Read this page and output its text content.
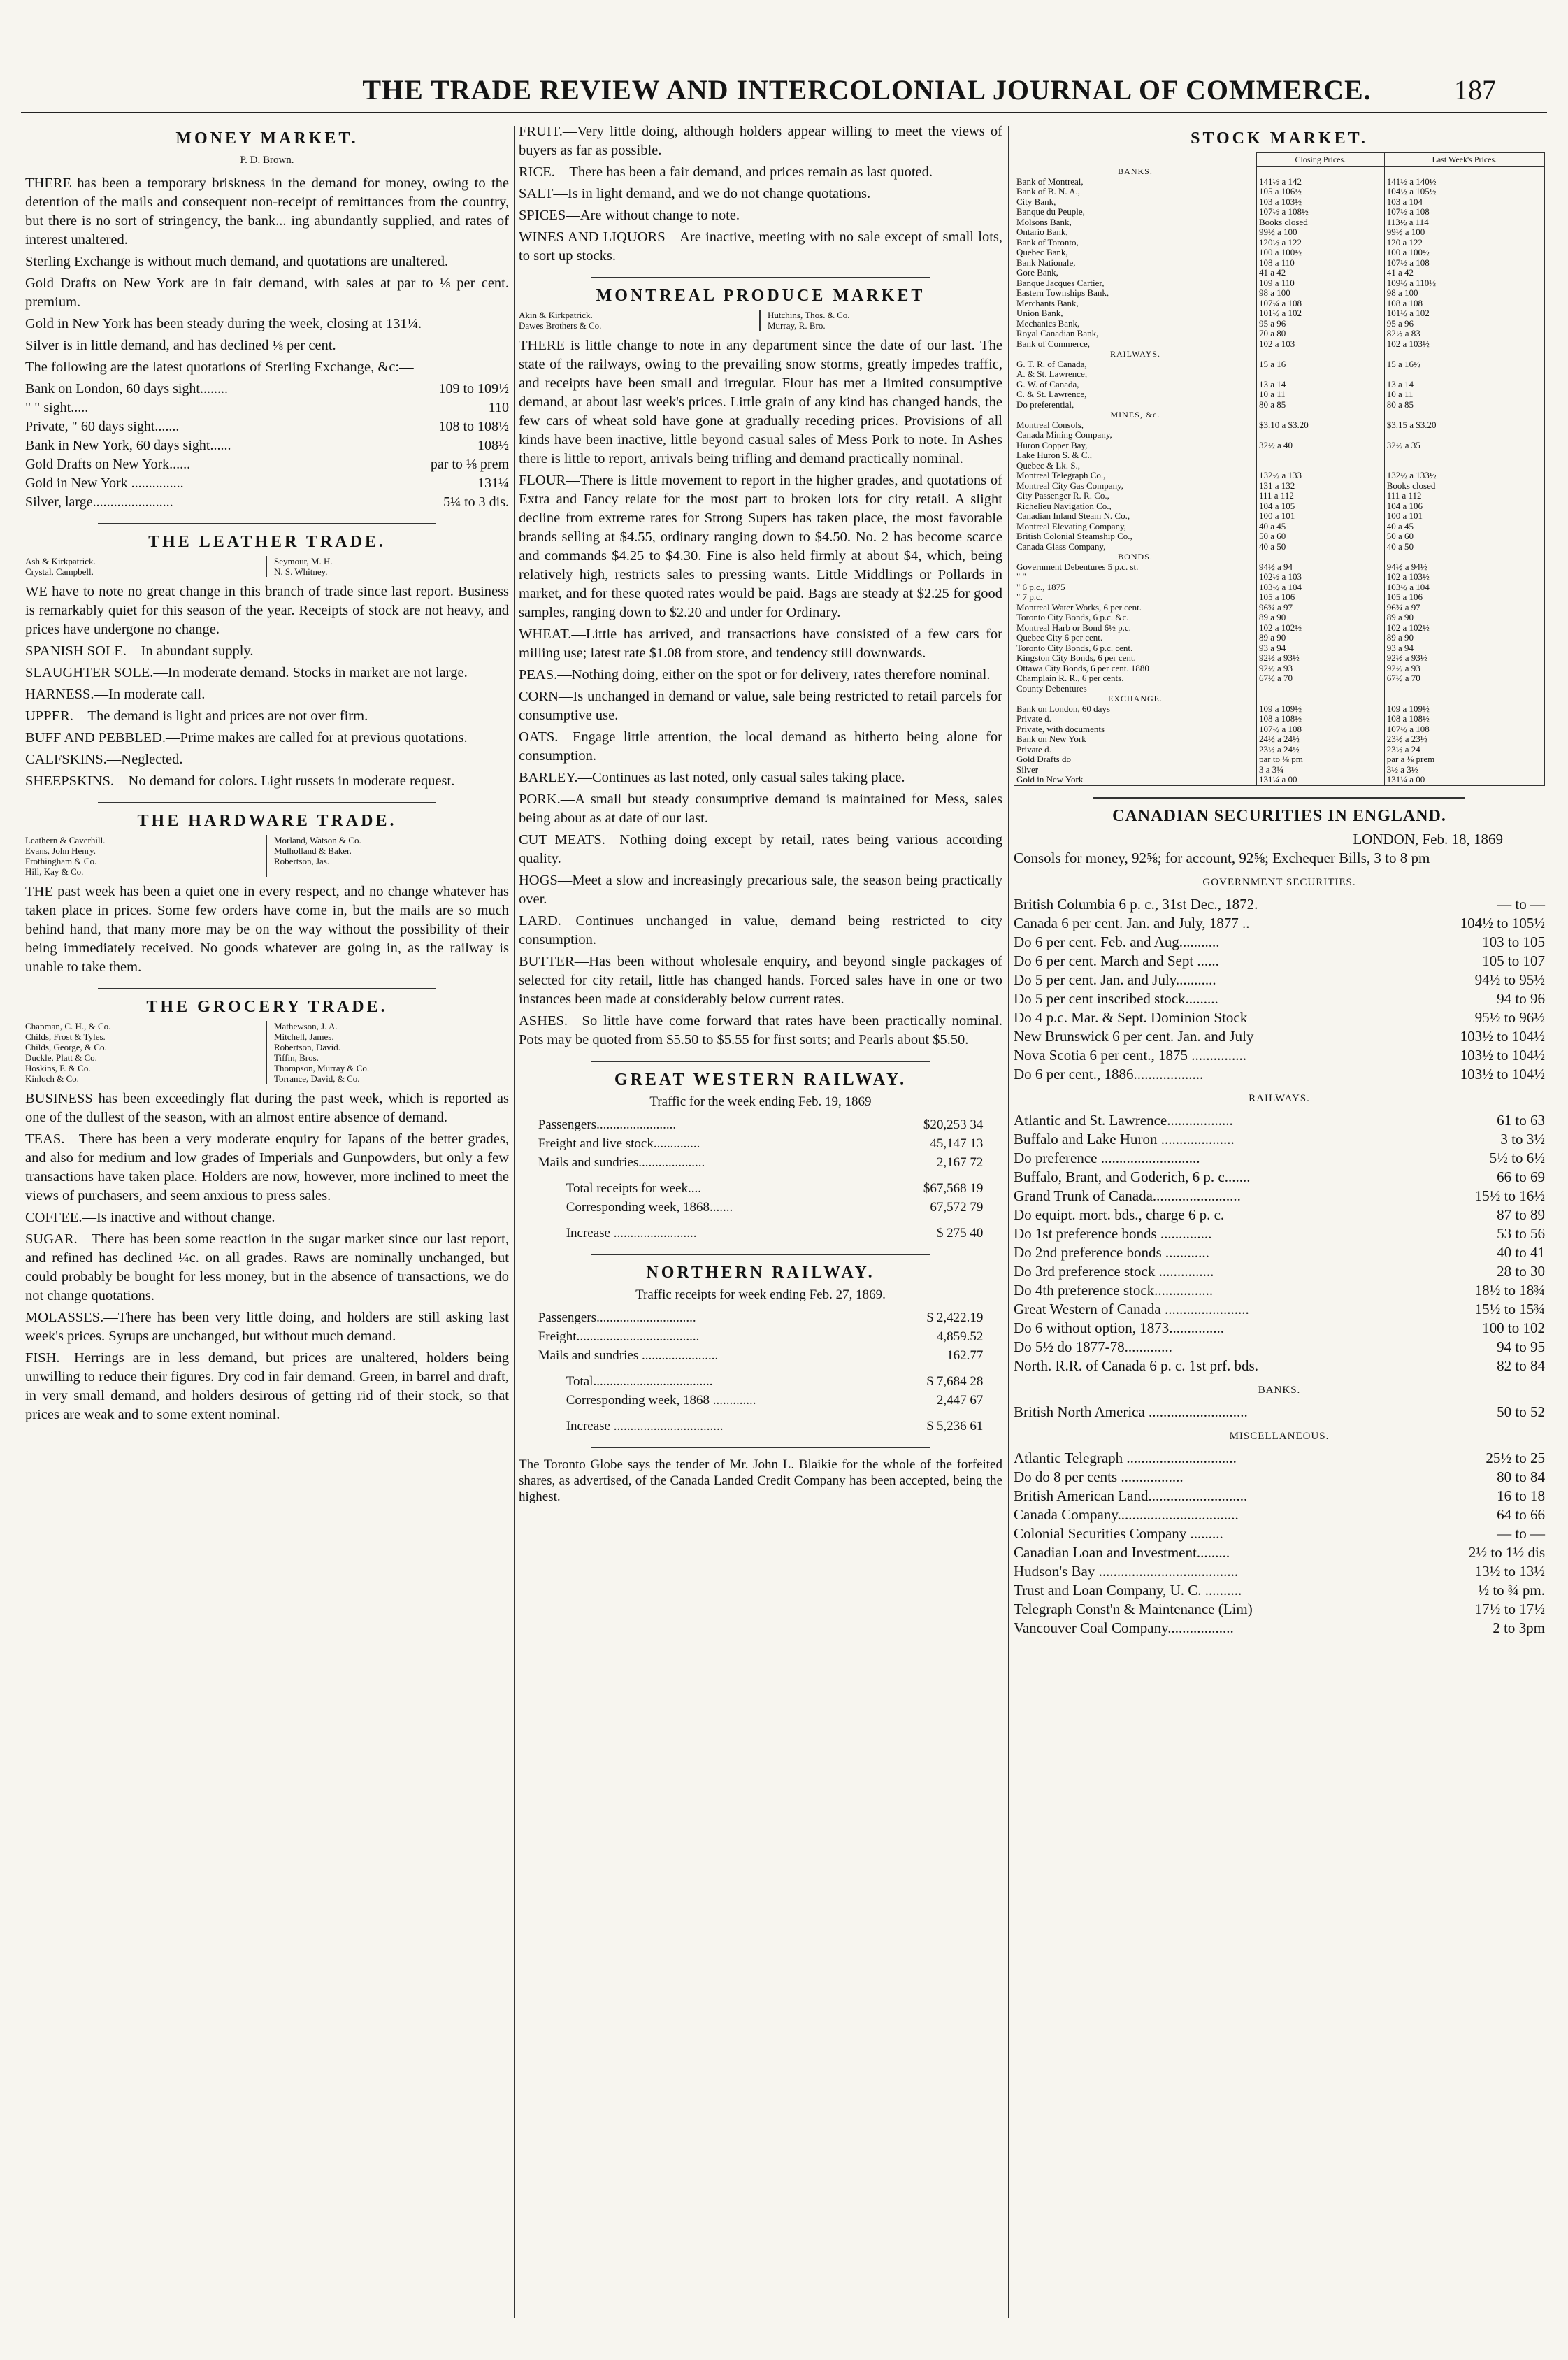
THE TRADE REVIEW AND INTERCOLONIAL JOURNAL OF COMMERCE.	187
MONEY MARKET.
P. D. Brown.

THERE has been a temporary briskness in the demand for money, owing to the detention of the mails and consequent non-receipt of remittances from the country, but there is no sort of stringency, the bank... ing abundantly supplied, and rates of interest unaltered.

Sterling Exchange is without much demand, and quotations are unaltered.

Gold Drafts on New York are in fair demand, with sales at par to ⅛ per cent. premium.

Gold in New York has been steady during the week, closing at 131¼.

Silver is in little demand, and has declined ⅛ per cent.

The following are the latest quotations of Sterling Exchange, &c:—

Bank on London, 60 days sight........	109 to 109½
" " sight.....	110
Private, " 60 days sight.......	108 to 108½
Bank in New York, 60 days sight......	108½
Gold Drafts on New York......	par to ⅛ prem
Gold in New York ...............	131¼
Silver, large.......................	5¼ to 3 dis.
THE LEATHER TRADE.
Ash & Kirkpatrick.
Crystal, Campbell.
Seymour, M. H.
N. S. Whitney.

WE have to note no great change in this branch of trade since last report. Business is remarkably quiet for this season of the year. Receipts of stock are not heavy, and prices have undergone no change.

SPANISH SOLE.—In abundant supply.

SLAUGHTER SOLE.—In moderate demand. Stocks in market are not large.

HARNESS.—In moderate call.

UPPER.—The demand is light and prices are not over firm.

BUFF AND PEBBLED.—Prime makes are called for at previous quotations.

CALFSKINS.—Neglected.

SHEEPSKINS.—No demand for colors. Light russets in moderate request.

THE HARDWARE TRADE.
Leathern & Caverhill.
Evans, John Henry.
Frothingham & Co.
Hill, Kay & Co.
Morland, Watson & Co.
Mulholland & Baker.
Robertson, Jas.

THE past week has been a quiet one in every respect, and no change whatever has taken place in prices. Some few orders have come in, but the mails are so much behind hand, that many more may be on the way without the possibility of their being immediately received. No goods whatever are going in, as the railway is unable to take them.

THE GROCERY TRADE.
Chapman, C. H., & Co.
Childs, Frost & Tyles.
Childs, George, & Co.
Duckle, Platt & Co.
Hoskins, F. & Co.
Kinloch & Co.
Mathewson, J. A.
Mitchell, James.
Robertson, David.
Tiffin, Bros.
Thompson, Murray & Co.
Torrance, David, & Co.

BUSINESS has been exceedingly flat during the past week, which is reported as one of the dullest of the season, with an almost entire absence of demand.

TEAS.—There has been a very moderate enquiry for Japans of the better grades, and also for medium and low grades of Imperials and Gunpowders, but only a few transactions have taken place. Holders are now, however, more inclined to meet the views of purchasers, and seem anxious to press sales.

COFFEE.—Is inactive and without change.

SUGAR.—There has been some reaction in the sugar market since our last report, and refined has declined ¼c. on all grades. Raws are nominally unchanged, but could probably be bought for less money, but in the absence of transactions, we do not change quotations.

MOLASSES.—There has been very little doing, and holders are still asking last week's prices. Syrups are unchanged, but without much demand.

FISH.—Herrings are in less demand, but prices are unaltered, holders being unwilling to reduce their figures. Dry cod in fair demand. Green, in barrel and draft, in very small demand, and holders desirous of getting rid of their stock, so that prices are weak and to some extent nominal.

FRUIT.—Very little doing, although holders appear willing to meet the views of buyers as far as possible.

RICE.—There has been a fair demand, and prices remain as last quoted.

SALT—Is in light demand, and we do not change quotations.

SPICES—Are without change to note.

WINES AND LIQUORS—Are inactive, meeting with no sale except of small lots, to sort up stocks.

MONTREAL PRODUCE MARKET
Akin & Kirkpatrick.
Dawes Brothers & Co.
Hutchins, Thos. & Co.
Murray, R. Bro.

THERE is little change to note in any department since the date of our last. The state of the railways, owing to the prevailing snow storms, greatly impedes traffic, and receipts have been small and irregular. Flour has met a limited consumptive demand, at about last week's prices. Little grain of any kind has changed hands, the few cars of wheat sold have gone at gradually receding prices. Provisions of all kinds have been inactive, little beyond casual sales of Mess Pork to note. In Ashes there is little to report, arrivals being trifling and demand practically nominal.

FLOUR—There is little movement to report in the higher grades, and quotations of Extra and Fancy relate for the most part to broken lots for city retail. A slight decline from extreme rates for Strong Supers has taken place, the most favorable brands selling at $4.55, ordinary ranging down to $4.50. No. 2 has become scarce and commands $4.25 to $4.30. Fine is also held firmly at about $4, which, being relatively high, restricts sales to pressing wants. Little Middlings or Pollards in market, and for these quoted rates would be paid. Bags are steady at $2.25 for good samples, ranging down to $2.20 and under for Ordinary.

WHEAT.—Little has arrived, and transactions have consisted of a few cars for milling use; latest rate $1.08 from store, and tendency still downwards.

PEAS.—Nothing doing, either on the spot or for delivery, rates therefore nominal.

CORN—Is unchanged in demand or value, sale being restricted to retail parcels for consumptive use.

OATS.—Engage little attention, the local demand as hitherto being alone for consumption.

BARLEY.—Continues as last noted, only casual sales taking place.

PORK.—A small but steady consumptive demand is maintained for Mess, sales being about as at date of our last.

CUT MEATS.—Nothing doing except by retail, rates being various according quality.

HOGS—Meet a slow and increasingly precarious sale, the season being practically over.

LARD.—Continues unchanged in value, demand being restricted to city consumption.

BUTTER—Has been without wholesale enquiry, and beyond single packages of selected for city retail, little has changed hands. Forced sales have in one or two instances been made at considerably below current rates.

ASHES.—So little have come forward that rates have been practically nominal. Pots may be quoted from $5.50 to $5.55 for first sorts; and Pearls about $5.50.

GREAT WESTERN RAILWAY.
Traffic for the week ending Feb. 19, 1869
Passengers........................	$20,253 34
Freight and live stock..............	45,147 13
Mails and sundries....................	2,167 72
Total receipts for week....	$67,568 19
Corresponding week, 1868.......	67,572 79
Increase .........................	$ 275 40
NORTHERN RAILWAY.
Traffic receipts for week ending Feb. 27, 1869.
Passengers..............................	$ 2,422.19
Freight.....................................	4,859.52
Mails and sundries .......................	162.77
Total....................................	$ 7,684 28
Corresponding week, 1868 .............	2,447 67
Increase .................................	$ 5,236 61
The Toronto Globe says the tender of Mr. John L. Blaikie for the whole of the forfeited shares, as advertised, of the Canada Landed Credit Company has been accepted, being the highest.
STOCK MARKET.
	Closing Prices.	Last Week's Prices.
BANKS.		
Bank of Montreal,	141½ a 142	141½ a 140½
Bank of B. N. A.,	105 a 106½	104½ a 105½
City Bank,	103 a 103½	103 a 104
Banque du Peuple,	107½ a 108½	107½ a 108
Molsons Bank,	Books closed	113½ a 114
Ontario Bank,	99½ a 100	99½ a 100
Bank of Toronto,	120½ a 122	120 a 122
Quebec Bank,	100 a 100½	100 a 100½
Bank Nationale,	108 a 110	107½ a 108
Gore Bank,	41 a 42	41 a 42
Banque Jacques Cartier,	109 a 110	109½ a 110½
Eastern Townships Bank,	98 a 100	98 a 100
Merchants Bank,	107¼ a 108	108 a 108
Union Bank,	101½ a 102	101½ a 102
Mechanics Bank,	95 a 96	95 a 96
Royal Canadian Bank,	70 a 80	82½ a 83
Bank of Commerce,	102 a 103	102 a 103½
RAILWAYS.		
G. T. R. of Canada,	15 a 16	15 a 16½
A. & St. Lawrence,		
G. W. of Canada,	13 a 14	13 a 14
C. & St. Lawrence,	10 a 11	10 a 11
Do preferential,	80 a 85	80 a 85
MINES, &c.		
Montreal Consols,	$3.10 a $3.20	$3.15 a $3.20
Canada Mining Company,		
Huron Copper Bay,	32½ a 40	32½ a 35
Lake Huron S. & C.,		
Quebec & Lk. S.,		
Montreal Telegraph Co.,	132½ a 133	132½ a 133½
Montreal City Gas Company,	131 a 132	Books closed
City Passenger R. R. Co.,	111 a 112	111 a 112
Richelieu Navigation Co.,	104 a 105	104 a 106
Canadian Inland Steam N. Co.,	100 a 101	100 a 101
Montreal Elevating Company,	40 a 45	40 a 45
British Colonial Steamship Co.,	50 a 60	50 a 60
Canada Glass Company,	40 a 50	40 a 50
BONDS.		
Government Debentures 5 p.c. st.	94½ a 94	94½ a 94½
" "	102½ a 103	102 a 103½
" 6 p.c., 1875	103½ a 104	103½ a 104
" 7 p.c.	105 a 106	105 a 106
Montreal Water Works, 6 per cent.	96¾ a 97	96¾ a 97
Toronto City Bonds, 6 p.c. &c.	89 a 90	89 a 90
Montreal Harb or Bond 6½ p.c.	102 a 102½	102 a 102½
Quebec City 6 per cent.	89 a 90	89 a 90
Toronto City Bonds, 6 p.c. cent.	93 a 94	93 a 94
Kingston City Bonds, 6 per cent.	92½ a 93½	92½ a 93½
Ottawa City Bonds, 6 per cent. 1880	92½ a 93	92½ a 93
Champlain R. R., 6 per cents.	67½ a 70	67½ a 70
County Debentures		
EXCHANGE.		
Bank on London, 60 days	109 a 109½	109 a 109½
Private d.	108 a 108½	108 a 108½
Private, with documents	107½ a 108	107½ a 108
Bank on New York	24½ a 24½	23½ a 23½
Private d.	23½ a 24½	23½ a 24
Gold Drafts do	par to ⅛ pm	par a ⅛ prem
Silver	3 a 3¼	3½ a 3½
Gold in New York	131¼ a 00	131¼ a 00
CANADIAN SECURITIES IN ENGLAND.
LONDON, Feb. 18, 1869
Consols for money, 92⅝; for account, 92⅝; Exchequer Bills, 3 to 8 pm
GOVERNMENT SECURITIES.
British Columbia 6 p. c., 31st Dec., 1872.	— to —
Canada 6 per cent. Jan. and July, 1877 ..	104½ to 105½
Do 6 per cent. Feb. and Aug...........	103 to 105
Do 6 per cent. March and Sept ......	105 to 107
Do 5 per cent. Jan. and July...........	94½ to 95½
Do 5 per cent inscribed stock.........	94 to 96
Do 4 p.c. Mar. & Sept. Dominion Stock	95½ to 96½
New Brunswick 6 per cent. Jan. and July	103½ to 104½
Nova Scotia 6 per cent., 1875 ...............	103½ to 104½
Do 6 per cent., 1886...................	103½ to 104½
RAILWAYS.
Atlantic and St. Lawrence..................	61 to 63
Buffalo and Lake Huron ....................	3 to 3½
Do preference ...........................	5½ to 6½
Buffalo, Brant, and Goderich, 6 p. c.......	66 to 69
Grand Trunk of Canada........................	15½ to 16½
Do equipt. mort. bds., charge 6 p. c.	87 to 89
Do 1st preference bonds ..............	53 to 56
Do 2nd preference bonds ............	40 to 41
Do 3rd preference stock ...............	28 to 30
Do 4th preference stock................	18½ to 18¾
Great Western of Canada .......................	15½ to 15¾
Do 6 without option, 1873...............	100 to 102
Do 5½ do 1877-78.............	94 to 95
North. R.R. of Canada 6 p. c. 1st prf. bds.	82 to 84
BANKS.
British North America ...........................	50 to 52
MISCELLANEOUS.
Atlantic Telegraph ..............................	25½ to 25
Do do 8 per cents .................	80 to 84
British American Land...........................	16 to 18
Canada Company.................................	64 to 66
Colonial Securities Company .........	— to —
Canadian Loan and Investment.........	2½ to 1½ dis
Hudson's Bay ......................................	13½ to 13½
Trust and Loan Company, U. C. ..........	½ to ¾ pm.
Telegraph Const'n & Maintenance (Lim)	17½ to 17½
Vancouver Coal Company..................	2 to 3pm
